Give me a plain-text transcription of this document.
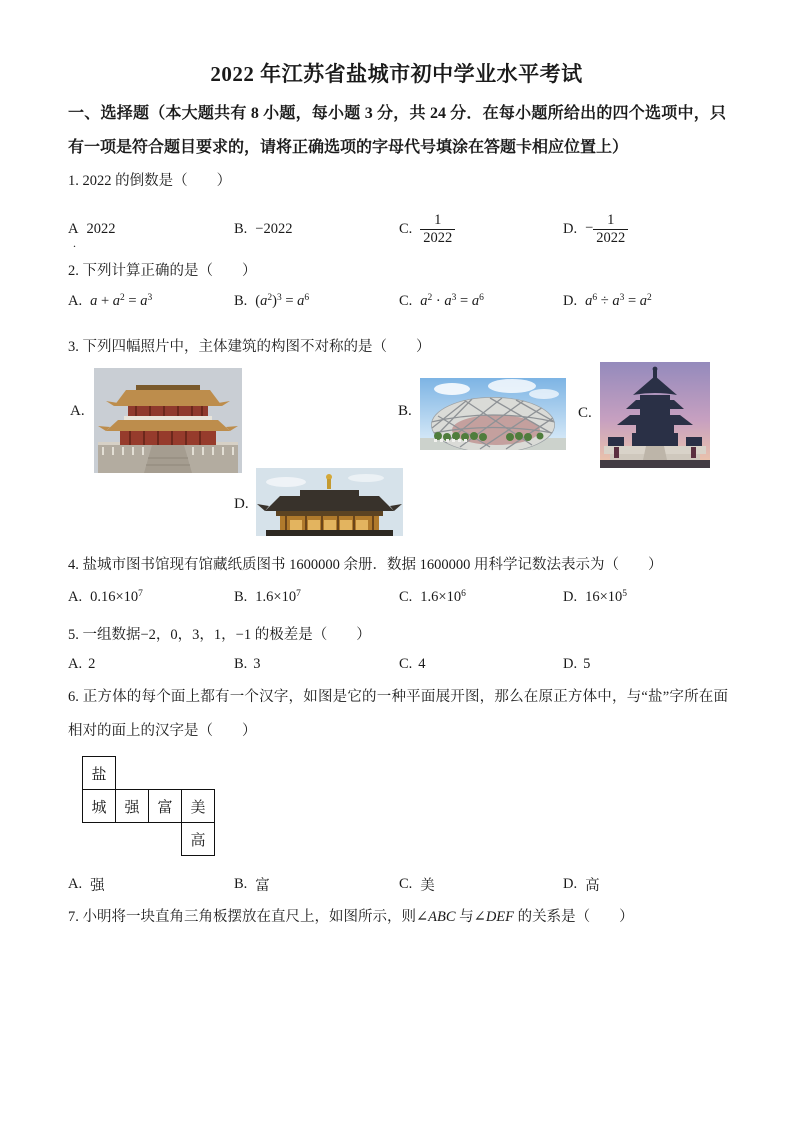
2022 年江苏省盐城市初中学业水平考试
一、选择题（本大题共有 8 小题，每小题 3 分，共 24 分．在每小题所给出的四个选项中，只
有一项是符合题目要求的，请将正确选项的字母代号填涂在答题卡相应位置上）
1. 2022 的倒数是（　　）
A 2022	B. −2022	C. $\frac{1}{2022}$	D. − $\frac{1}{2022}$
.
2. 下列计算正确的是（　　）
A. $a + a^2 = a^3$	B. $(a^2)^3 = a^6$	C. $a^2 \cdot a^3 = a^6$	D. $a^6 \div a^3 = a^2$
3. 下列四幅照片中，主体建筑的构图不对称的是（　　）
A.	B.	C.
D.
4. 盐城市图书馆现有馆藏纸质图书 1600000 余册．数据 1600000 用科学记数法表示为（　　）
A. $0.16\times 10^7$	B. $1.6\times 10^7$	C. $1.6\times 10^6$	D. $16\times 10^5$
5. 一组数据−2，0，3，1，−1 的极差是（　　）
A. 2	B. 3	C. 4	D. 5
6. 正方体的每个面上都有一个汉字，如图是它的一种平面展开图，那么在原正方体中，与“盐”字所在面
相对的面上的汉字是（　　）
盐
城	强	富	美
高
A. 强	B. 富	C. 美	D. 高
7. 小明将一块直角三角板摆放在直尺上，如图所示，则∠ABC 与∠DEF 的关系是（　　）
